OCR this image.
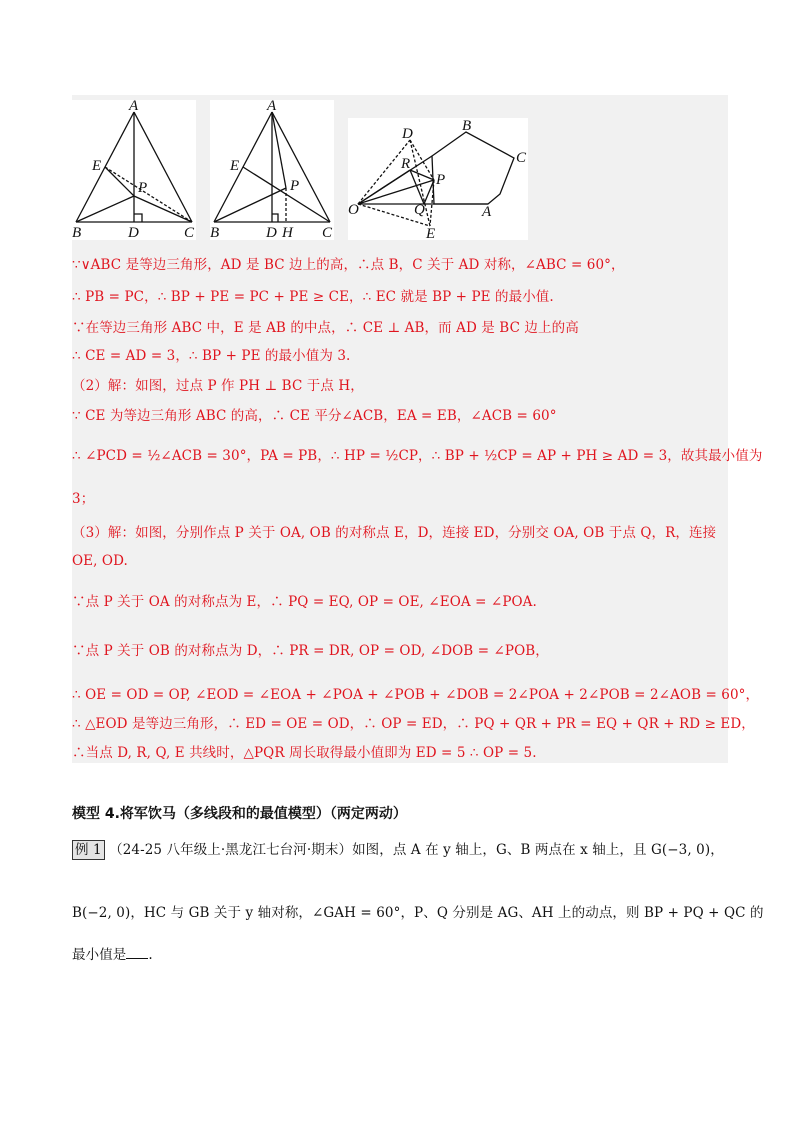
A
E
P
B	D	C
A
E
P
B	D H C
D	B
R	C
P
O	Q	A
E
∵∨ABC 是等边三角形，AD 是 BC 边上的高，∴点 B，C 关于 AD 对称，∠ABC = 60°，
∴ PB = PC，∴ BP + PE = PC + PE ≥ CE，∴ EC 就是 BP + PE 的最小值.
∵在等边三角形 ABC 中，E 是 AB 的中点，∴ CE ⊥ AB，而 AD 是 BC 边上的高
∴ CE = AD = 3，∴ BP + PE 的最小值为 3.
（2）解：如图，过点 P 作 PH ⊥ BC 于点 H，
∵ CE 为等边三角形 ABC 的高，∴ CE 平分∠ACB，EA = EB，∠ACB = 60°
∴ ∠PCD = ½∠ACB = 30°，PA = PB，∴ HP = ½CP，∴ BP + ½CP = AP + PH ≥ AD = 3，故其最小值为
3；
（3）解：如图，分别作点 P 关于 OA, OB 的对称点 E，D，连接 ED，分别交 OA, OB 于点 Q，R，连接
OE, OD.
∵点 P 关于 OA 的对称点为 E，∴ PQ = EQ, OP = OE, ∠EOA = ∠POA.
∵点 P 关于 OB 的对称点为 D，∴ PR = DR, OP = OD, ∠DOB = ∠POB，
∴ OE = OD = OP, ∠EOD = ∠EOA + ∠POA + ∠POB + ∠DOB = 2∠POA + 2∠POB = 2∠AOB = 60°，
∴ △EOD 是等边三角形，∴ ED = OE = OD，∴ OP = ED，∴ PQ + QR + PR = EQ + QR + RD ≥ ED，
∴当点 D, R, Q, E 共线时，△PQR 周长取得最小值即为 ED = 5 ∴ OP = 5.
模型 4.将军饮马（多线段和的最值模型）（两定两动）
例 1 （24-25 八年级上·黑龙江七台河·期末）如图，点 A 在 y 轴上，G、B 两点在 x 轴上，且 G(−3, 0)，
B(−2, 0)，HC 与 GB 关于 y 轴对称，∠GAH = 60°，P、Q 分别是 AG、AH 上的动点，则 BP + PQ + QC 的
最小值是 .
